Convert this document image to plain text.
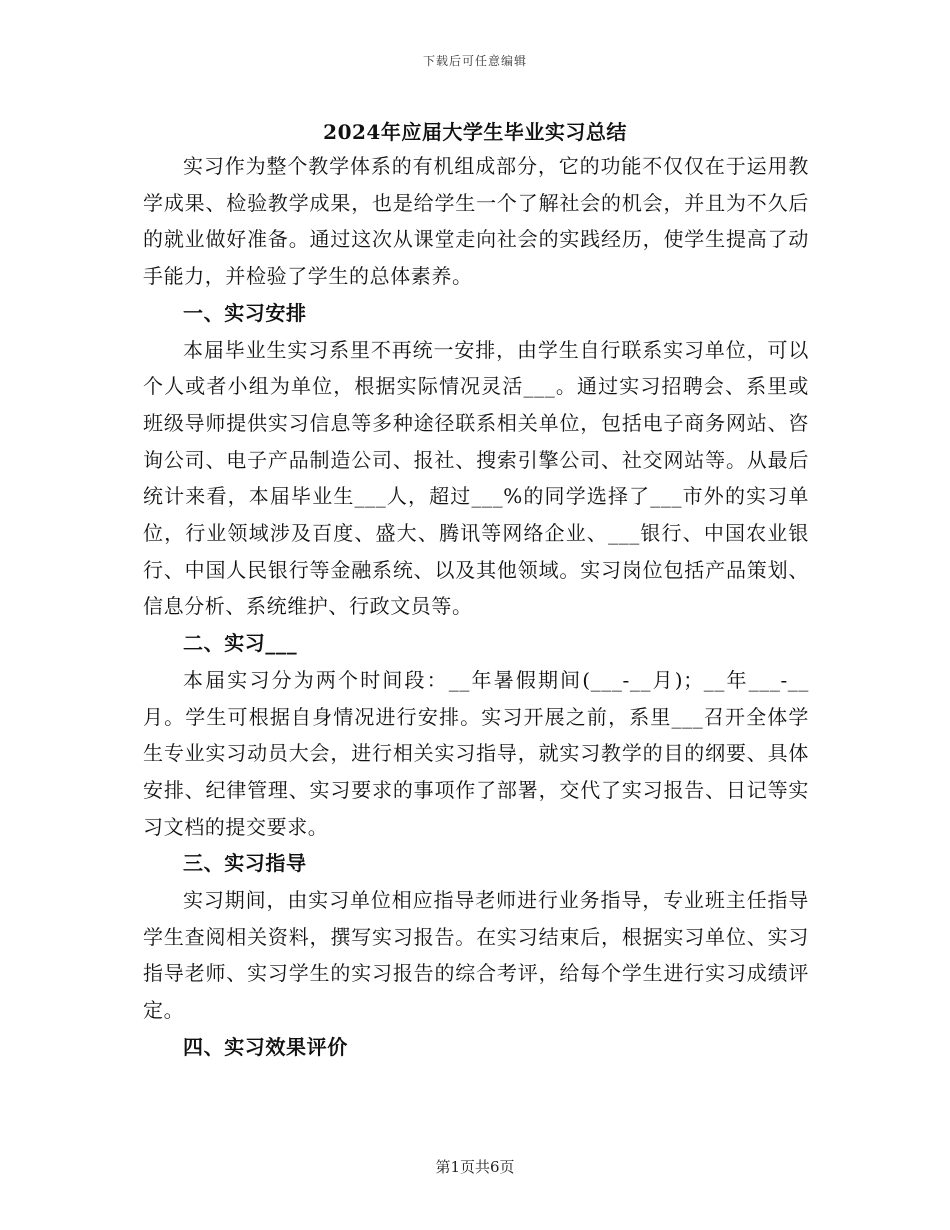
下载后可任意编辑
2024年应届大学生毕业实习总结

实习作为整个教学体系的有机组成部分，它的功能不仅仅在于运用教学成果、检验教学成果，也是给学生一个了解社会的机会，并且为不久后的就业做好准备。通过这次从课堂走向社会的实践经历，使学生提高了动手能力，并检验了学生的总体素养。

一、实习安排

本届毕业生实习系里不再统一安排，由学生自行联系实习单位，可以个人或者小组为单位，根据实际情况灵活___。通过实习招聘会、系里或班级导师提供实习信息等多种途径联系相关单位，包括电子商务网站、咨询公司、电子产品制造公司、报社、搜索引擎公司、社交网站等。从最后统计来看，本届毕业生___人，超过___%的同学选择了___市外的实习单位，行业领域涉及百度、盛大、腾讯等网络企业、___银行、中国农业银行、中国人民银行等金融系统、以及其他领域。实习岗位包括产品策划、信息分析、系统维护、行政文员等。

二、实习___

本届实习分为两个时间段：__年暑假期间(___-__月)；__年___-__月。学生可根据自身情况进行安排。实习开展之前，系里___召开全体学生专业实习动员大会，进行相关实习指导，就实习教学的目的纲要、具体安排、纪律管理、实习要求的事项作了部署，交代了实习报告、日记等实习文档的提交要求。

三、实习指导

实习期间，由实习单位相应指导老师进行业务指导，专业班主任指导学生查阅相关资料，撰写实习报告。在实习结束后，根据实习单位、实习指导老师、实习学生的实习报告的综合考评，给每个学生进行实习成绩评定。

四、实习效果评价

第1页共6页
